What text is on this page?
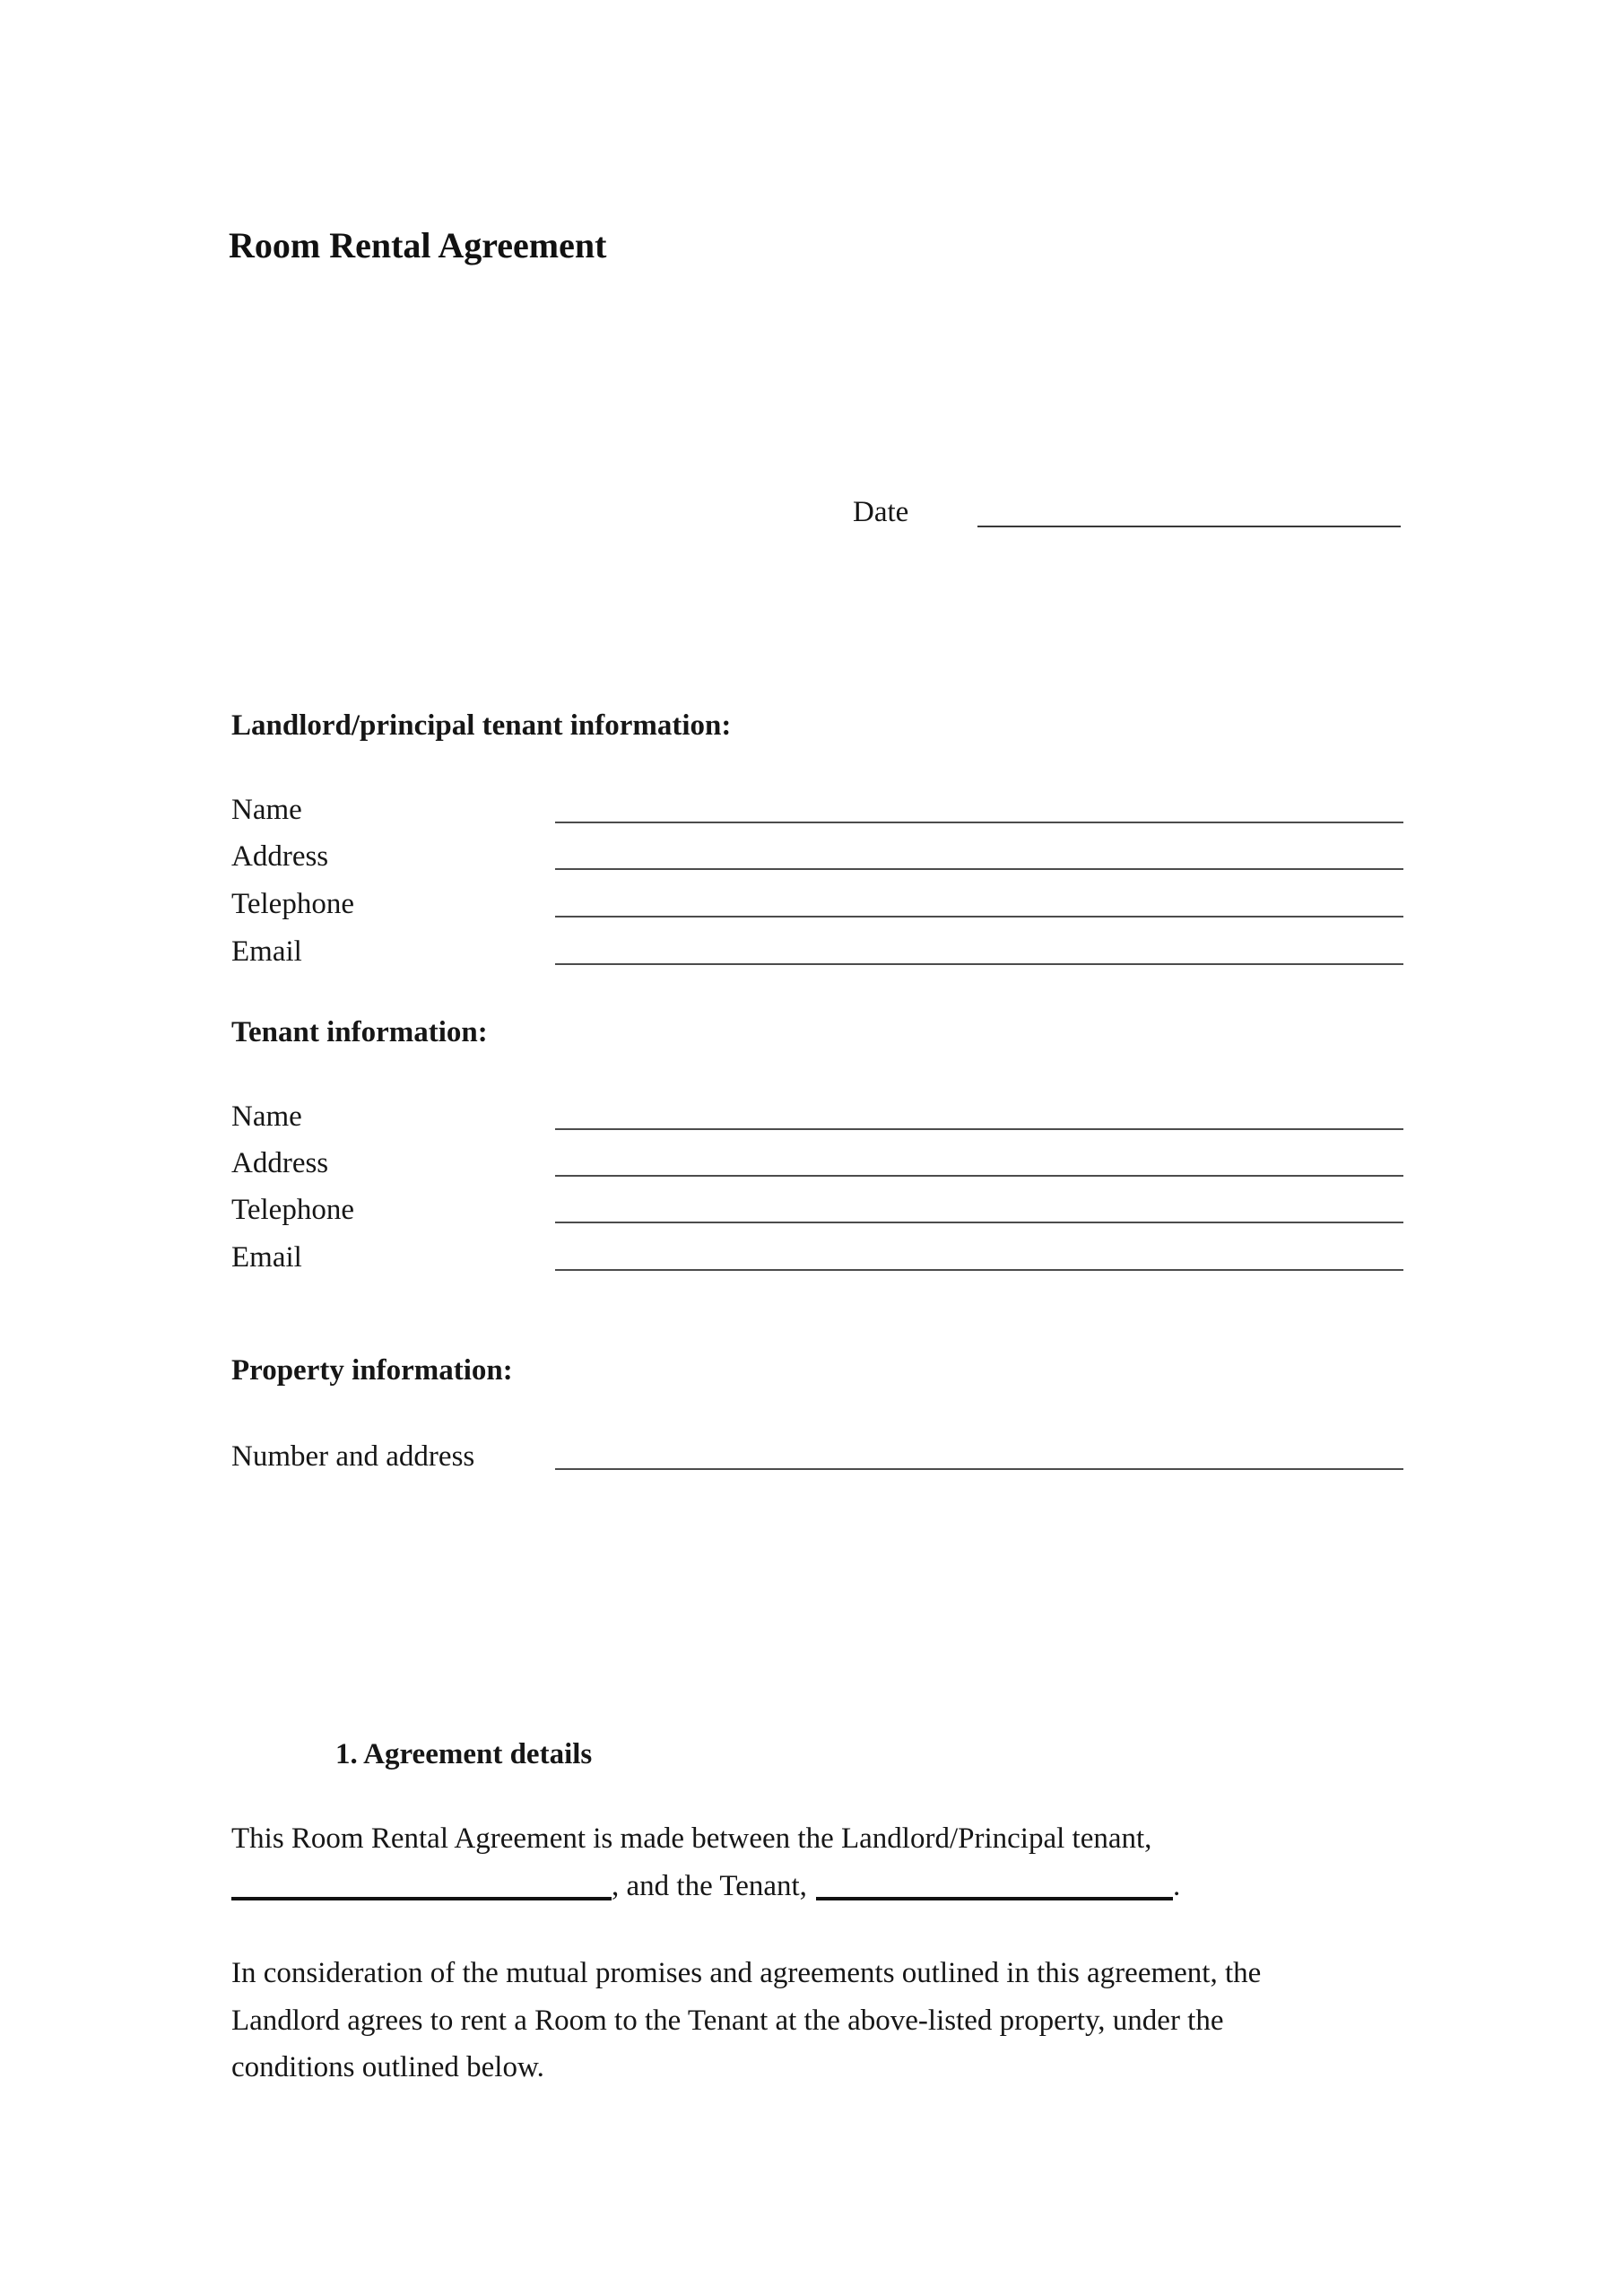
Room Rental Agreement
Date
Landlord/principal tenant information:
Name
Address
Telephone
Email
Tenant information:
Name
Address
Telephone
Email
Property information:
Number and address
1. Agreement details
This Room Rental Agreement is made between the Landlord/Principal tenant,
, and the Tenant,	.
In consideration of the mutual promises and agreements outlined in this agreement, the
Landlord agrees to rent a Room to the Tenant at the above-listed property, under the
conditions outlined below.
